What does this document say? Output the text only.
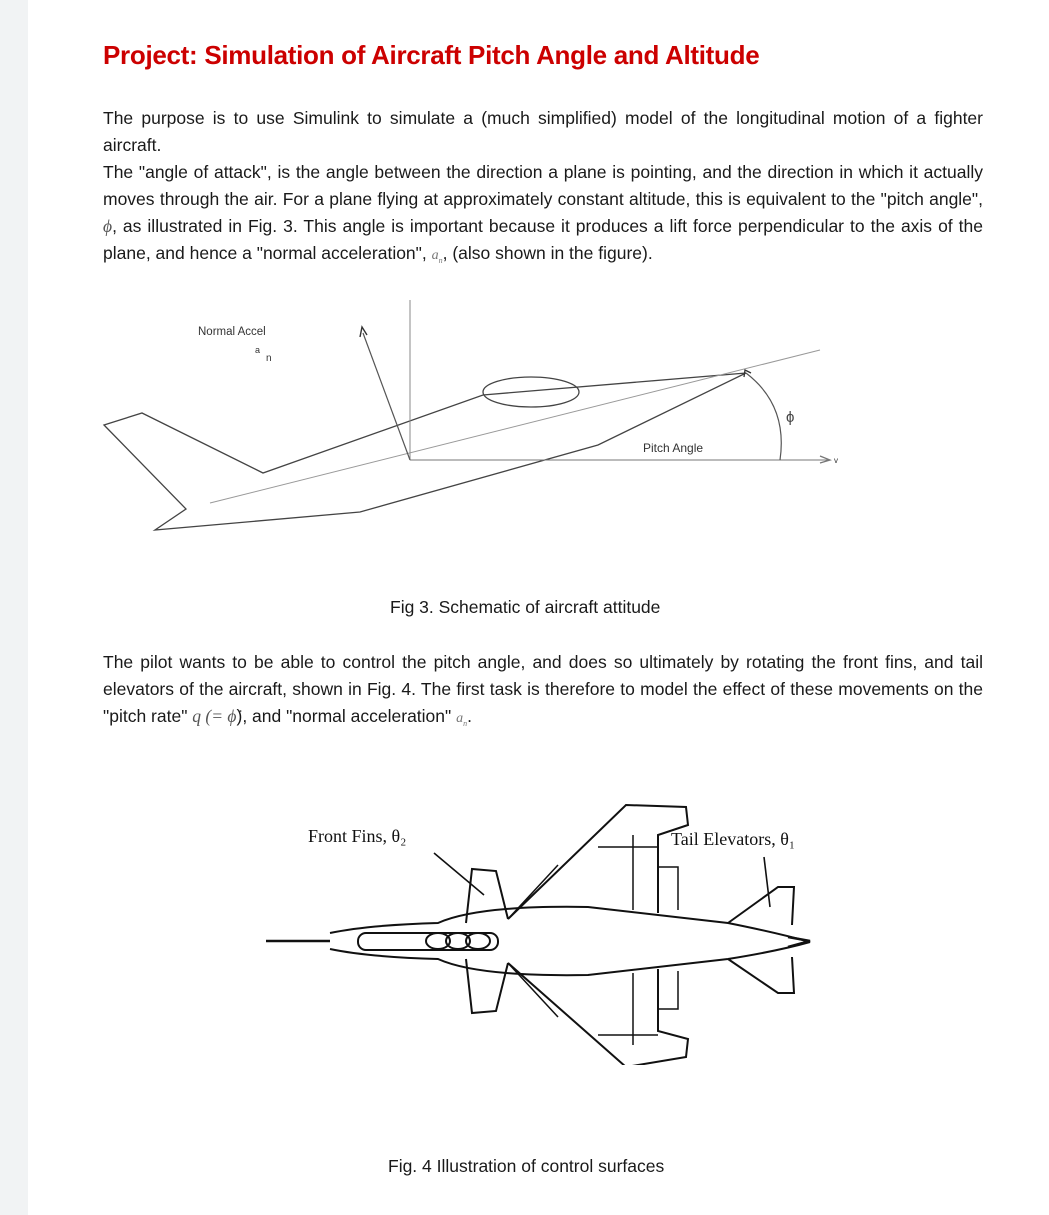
Project: Simulation of Aircraft Pitch Angle and Altitude

The purpose is to use Simulink to simulate a (much simplified) model of the longitudinal motion of a fighter aircraft.
The "angle of attack", is the angle between the direction a plane is pointing, and the direction in which it actually moves through the air. For a plane flying at approximately constant altitude, this is equivalent to the "pitch angle", ϕ, as illustrated in Fig. 3. This angle is important because it produces a lift force perpendicular to the axis of the plane, and hence a "normal acceleration", $a_n$, (also shown in the figure).

Normal Accel
a
n
Pitch Angle
ϕ
v
Fig 3. Schematic of aircraft attitude

The pilot wants to be able to control the pitch angle, and does so ultimately by rotating the front fins, and tail elevators of the aircraft, shown in Fig. 4. The first task is therefore to model the effect of these movements on the "pitch rate" q (= ϕ̇), and "normal acceleration" $a_n$.

Front Fins, θ₂	Tail Elevators, θ₁
Fig. 4 Illustration of control surfaces
